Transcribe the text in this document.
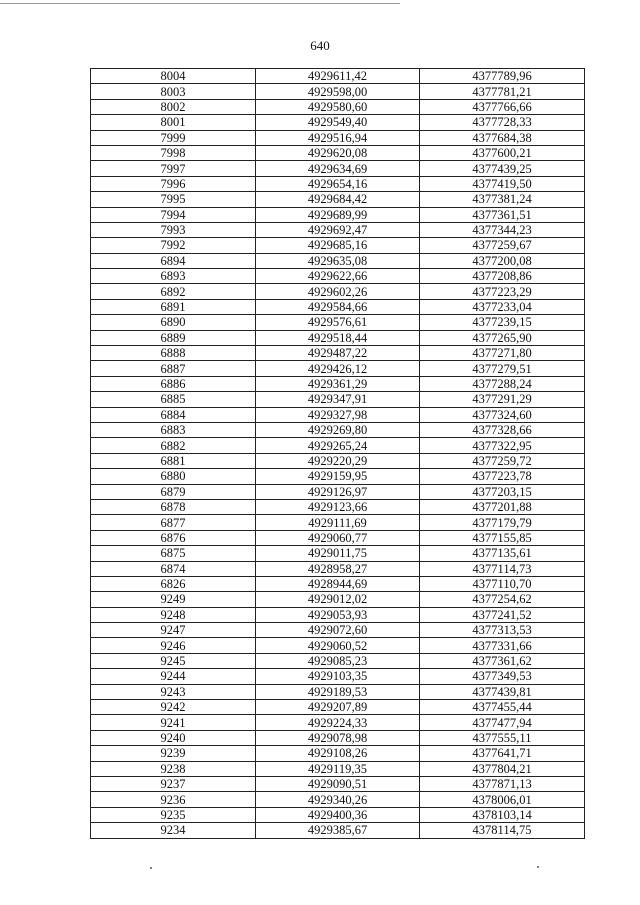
640
8004	4929611,42	4377789,96
8003	4929598,00	4377781,21
8002	4929580,60	4377766,66
8001	4929549,40	4377728,33
7999	4929516,94	4377684,38
7998	4929620,08	4377600,21
7997	4929634,69	4377439,25
7996	4929654,16	4377419,50
7995	4929684,42	4377381,24
7994	4929689,99	4377361,51
7993	4929692,47	4377344,23
7992	4929685,16	4377259,67
6894	4929635,08	4377200,08
6893	4929622,66	4377208,86
6892	4929602,26	4377223,29
6891	4929584,66	4377233,04
6890	4929576,61	4377239,15
6889	4929518,44	4377265,90
6888	4929487,22	4377271,80
6887	4929426,12	4377279,51
6886	4929361,29	4377288,24
6885	4929347,91	4377291,29
6884	4929327,98	4377324,60
6883	4929269,80	4377328,66
6882	4929265,24	4377322,95
6881	4929220,29	4377259,72
6880	4929159,95	4377223,78
6879	4929126,97	4377203,15
6878	4929123,66	4377201,88
6877	4929111,69	4377179,79
6876	4929060,77	4377155,85
6875	4929011,75	4377135,61
6874	4928958,27	4377114,73
6826	4928944,69	4377110,70
9249	4929012,02	4377254,62
9248	4929053,93	4377241,52
9247	4929072,60	4377313,53
9246	4929060,52	4377331,66
9245	4929085,23	4377361,62
9244	4929103,35	4377349,53
9243	4929189,53	4377439,81
9242	4929207,89	4377455,44
9241	4929224,33	4377477,94
9240	4929078,98	4377555,11
9239	4929108,26	4377641,71
9238	4929119,35	4377804,21
9237	4929090,51	4377871,13
9236	4929340,26	4378006,01
9235	4929400,36	4378103,14
9234	4929385,67	4378114,75
